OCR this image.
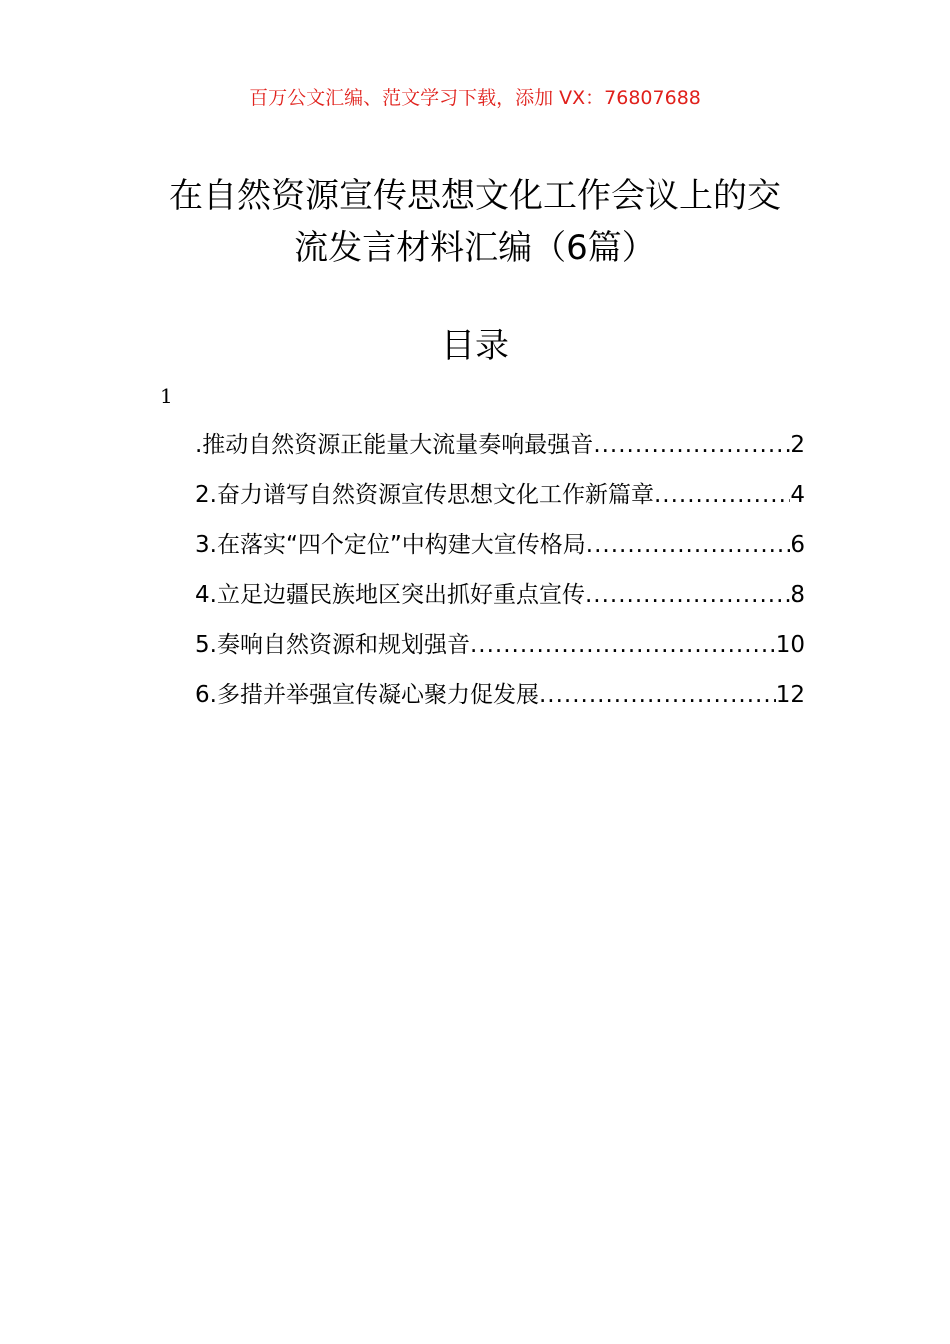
百万公文汇编、范文学习下载，添加 VX：76807688
在自然资源宣传思想文化工作会议上的交
流发言材料汇编（6篇）
目录
1
.推动自然资源正能量大流量奏响最强音 .....	2
2.奋力谱写自然资源宣传思想文化工作新篇章 .....	4
3.在落实“四个定位”中构建大宣传格局 .....	6
4.立足边疆民族地区突出抓好重点宣传 .....	8
5.奏响自然资源和规划强音 .....	10
6.多措并举强宣传凝心聚力促发展 .....	12
